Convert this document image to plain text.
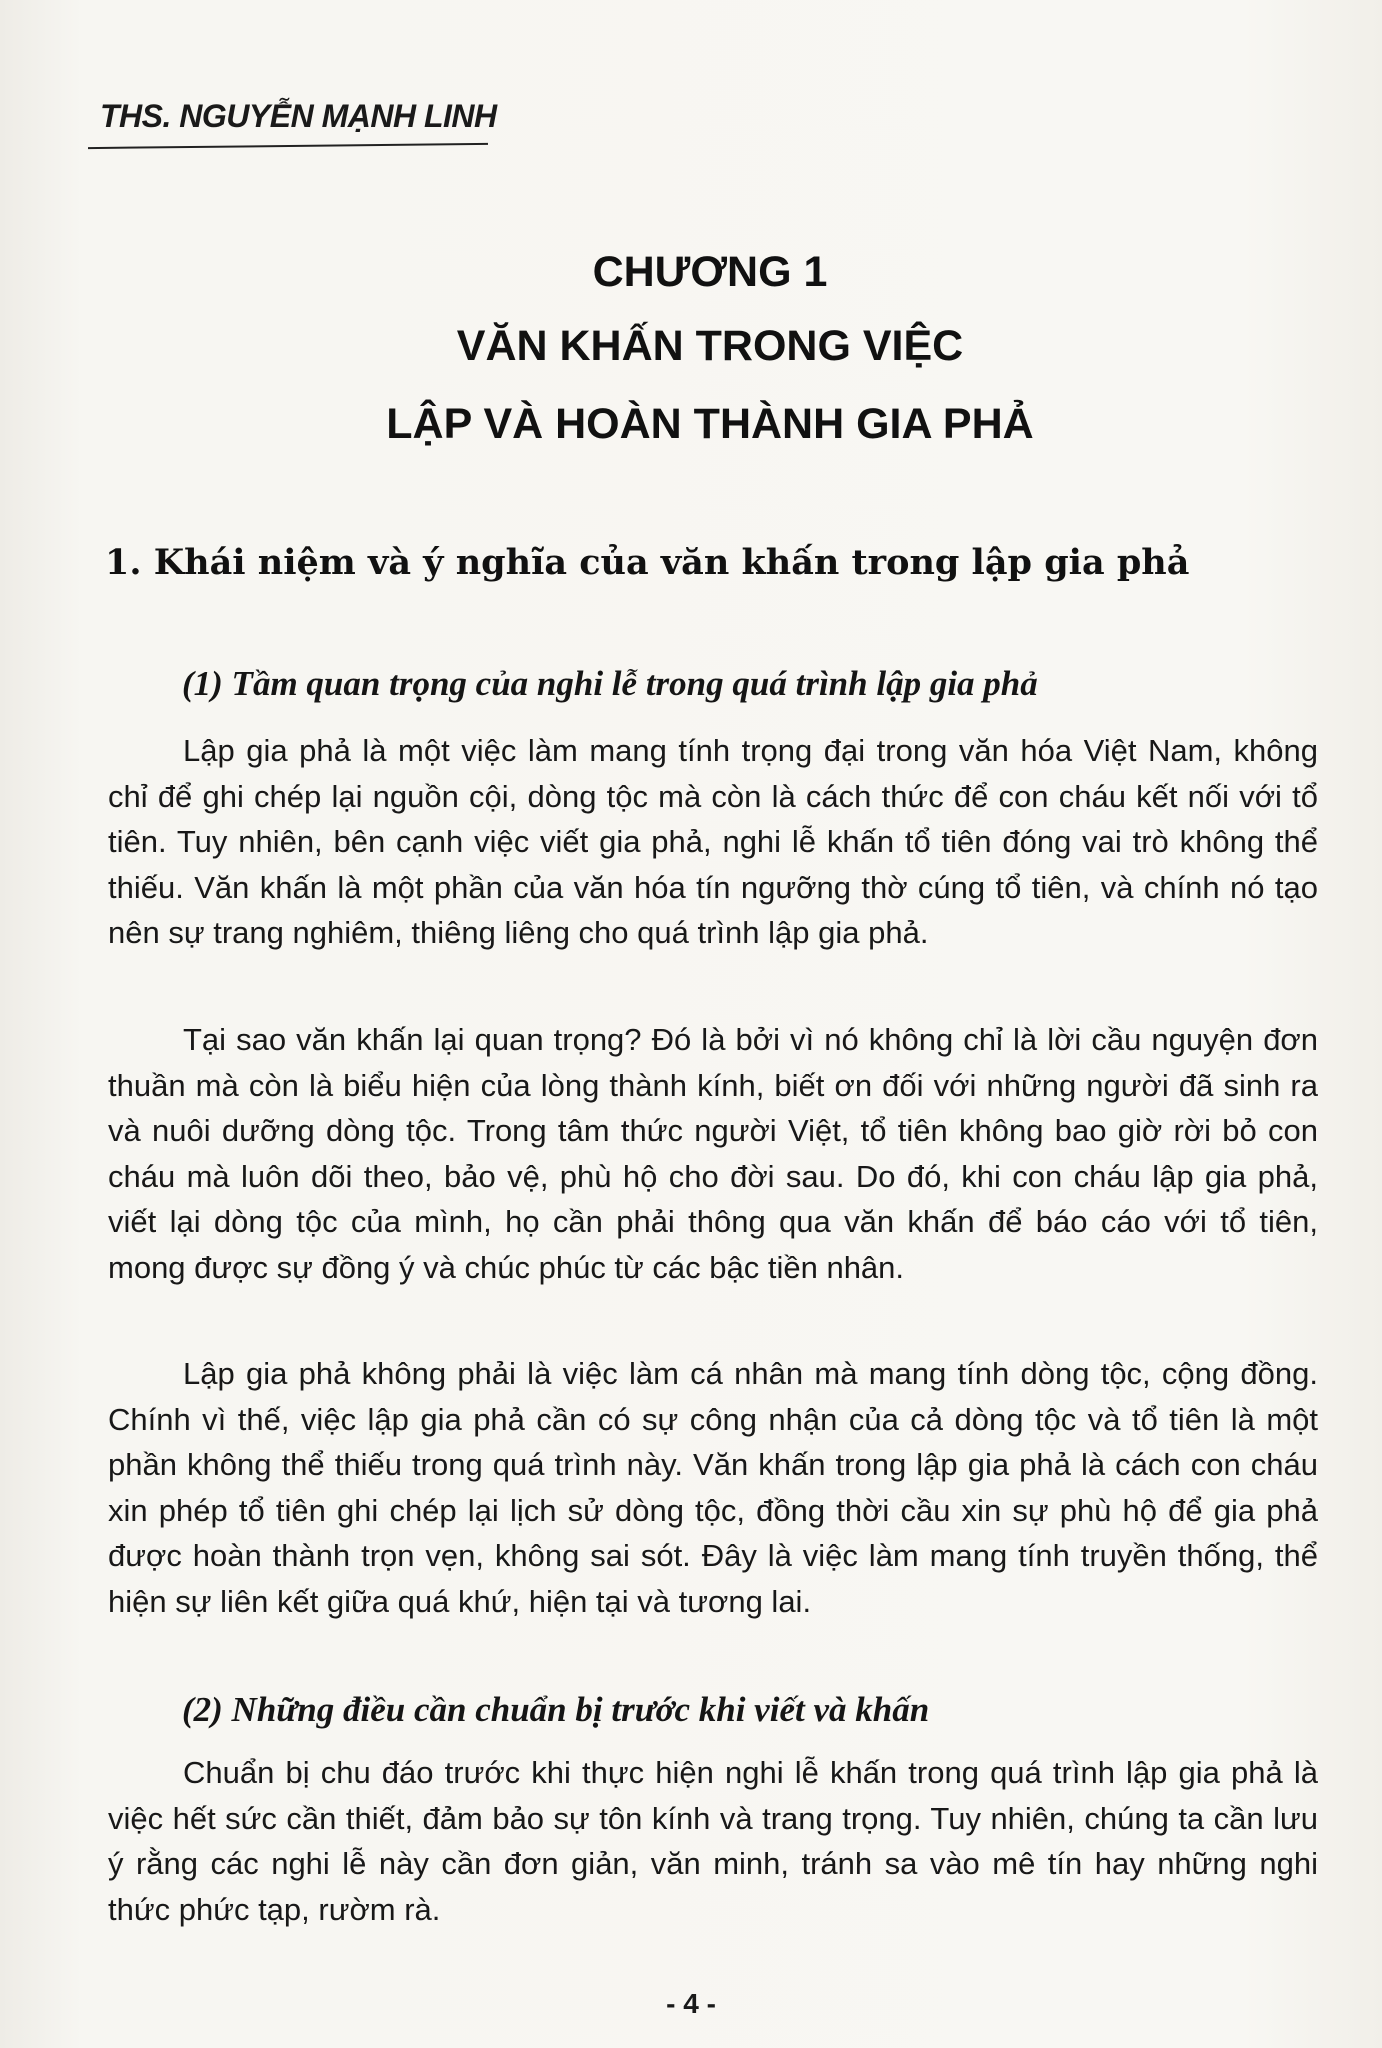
THS. NGUYỄN MẠNH LINH
CHƯƠNG 1
VĂN KHẤN TRONG VIỆC
LẬP VÀ HOÀN THÀNH GIA PHẢ
1. Khái niệm và ý nghĩa của văn khấn trong lập gia phả
(1) Tầm quan trọng của nghi lễ trong quá trình lập gia phả

Lập gia phả là một việc làm mang tính trọng đại trong văn hóa Việt Nam, không chỉ để ghi chép lại nguồn cội, dòng tộc mà còn là cách thức để con cháu kết nối với tổ tiên. Tuy nhiên, bên cạnh việc viết gia phả, nghi lễ khấn tổ tiên đóng vai trò không thể thiếu. Văn khấn là một phần của văn hóa tín ngưỡng thờ cúng tổ tiên, và chính nó tạo nên sự trang nghiêm, thiêng liêng cho quá trình lập gia phả.

Tại sao văn khấn lại quan trọng? Đó là bởi vì nó không chỉ là lời cầu nguyện đơn thuần mà còn là biểu hiện của lòng thành kính, biết ơn đối với những người đã sinh ra và nuôi dưỡng dòng tộc. Trong tâm thức người Việt, tổ tiên không bao giờ rời bỏ con cháu mà luôn dõi theo, bảo vệ, phù hộ cho đời sau. Do đó, khi con cháu lập gia phả, viết lại dòng tộc của mình, họ cần phải thông qua văn khấn để báo cáo với tổ tiên, mong được sự đồng ý và chúc phúc từ các bậc tiền nhân.

Lập gia phả không phải là việc làm cá nhân mà mang tính dòng tộc, cộng đồng. Chính vì thế, việc lập gia phả cần có sự công nhận của cả dòng tộc và tổ tiên là một phần không thể thiếu trong quá trình này. Văn khấn trong lập gia phả là cách con cháu xin phép tổ tiên ghi chép lại lịch sử dòng tộc, đồng thời cầu xin sự phù hộ để gia phả được hoàn thành trọn vẹn, không sai sót. Đây là việc làm mang tính truyền thống, thể hiện sự liên kết giữa quá khứ, hiện tại và tương lai.

(2) Những điều cần chuẩn bị trước khi viết và khấn

Chuẩn bị chu đáo trước khi thực hiện nghi lễ khấn trong quá trình lập gia phả là việc hết sức cần thiết, đảm bảo sự tôn kính và trang trọng. Tuy nhiên, chúng ta cần lưu ý rằng các nghi lễ này cần đơn giản, văn minh, tránh sa vào mê tín hay những nghi thức phức tạp, rườm rà.

- 4 -
